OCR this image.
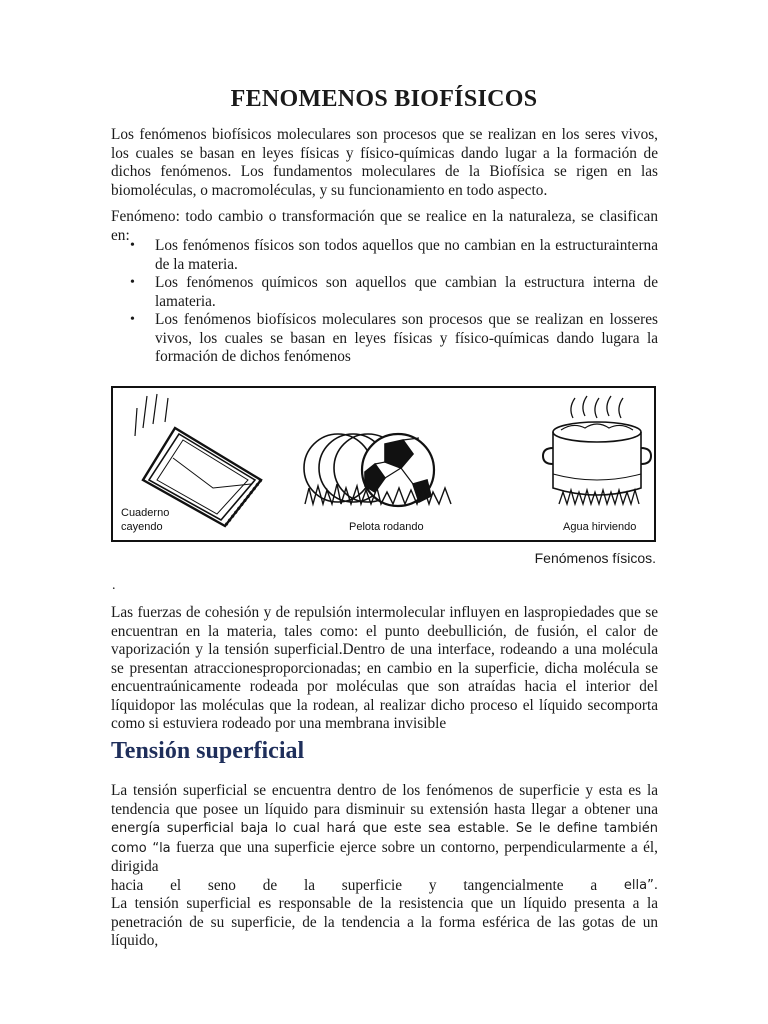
FENOMENOS BIOFÍSICOS

Los fenómenos biofísicos moleculares son procesos que se realizan en los seres vivos, los cuales se basan en leyes físicas y físico-químicas dando lugar a la formación de dichos fenómenos. Los fundamentos moleculares de la Biofísica se rigen en las biomoléculas, o macromoléculas, y su funcionamiento en todo aspecto.

Fenómeno: todo cambio o transformación que se realice en la naturaleza, se clasifican en:

• Los fenómenos físicos son todos aquellos que no cambian en la estructurainterna de la materia.
• Los fenómenos químicos son aquellos que cambian la estructura interna de lamateria.
• Los fenómenos biofísicos moleculares son procesos que se realizan en losseres vivos, los cuales se basan en leyes físicas y físico-químicas dando lugara la formación de dichos fenómenos
Cuaderno
cayendo	Pelota rodando	Agua hirviendo
Fenómenos físicos.
.

Las fuerzas de cohesión y de repulsión intermolecular influyen en laspropiedades que se encuentran en la materia, tales como: el punto deebullición, de fusión, el calor de vaporización y la tensión superficial.Dentro de una interface, rodeando a una molécula se presentan atraccionesproporcionadas; en cambio en la superficie, dicha molécula se encuentraúnicamente rodeada por moléculas que son atraídas hacia el interior del líquidopor las moléculas que la rodean, al realizar dicho proceso el líquido secomporta como si estuviera rodeado por una membrana invisible

Tensión superficial
La tensión superficial se encuentra dentro de los fenómenos de superficie y esta es la tendencia que posee un líquido para disminuir su extensión hasta llegar a obtener una energía superficial baja lo cual hará que este sea estable. Se le define también como “la fuerza que una superficie ejerce sobre un contorno, perpendicularmente a él, dirigida
hacia el seno de la superficie y tangencialmente a ella”.
La tensión superficial es responsable de la resistencia que un líquido presenta a la penetración de su superficie, de la tendencia a la forma esférica de las gotas de un líquido,
